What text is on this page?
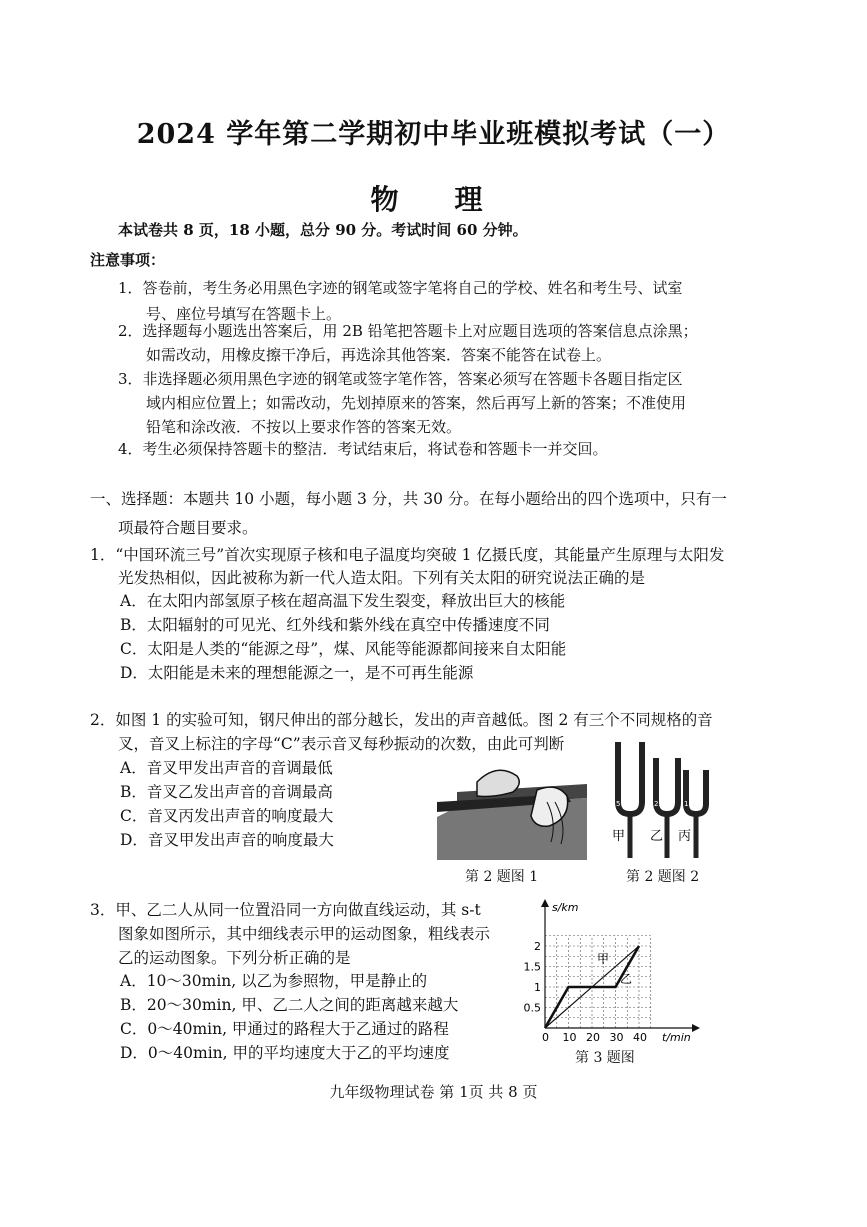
2024 学年第二学期初中毕业班模拟考试（一）
物　理
本试卷共 8 页，18 小题，总分 90 分。考试时间 60 分钟。
注意事项：
1．答卷前，考生务必用黑色字迹的钢笔或签字笔将自己的学校、姓名和考生号、试室
号、座位号填写在答题卡上。
2．选择题每小题选出答案后，用 2B 铅笔把答题卡上对应题目选项的答案信息点涂黑；
如需改动，用橡皮擦干净后，再选涂其他答案．答案不能答在试卷上。
3．非选择题必须用黑色字迹的钢笔或签字笔作答，答案必须写在答题卡各题目指定区
域内相应位置上；如需改动，先划掉原来的答案，然后再写上新的答案；不准使用
铅笔和涂改液．不按以上要求作答的答案无效。
4．考生必须保持答题卡的整洁．考试结束后，将试卷和答题卡一并交回。
一、选择题：本题共 10 小题，每小题 3 分，共 30 分。在每小题给出的四个选项中，只有一
项最符合题目要求。
1．“中国环流三号”首次实现原子核和电子温度均突破 1 亿摄氏度，其能量产生原理与太阳发
光发热相似，因此被称为新一代人造太阳。下列有关太阳的研究说法正确的是
A．在太阳内部氢原子核在超高温下发生裂变，释放出巨大的核能
B．太阳辐射的可见光、红外线和紫外线在真空中传播速度不同
C．太阳是人类的“能源之母”，煤、风能等能源都间接来自太阳能
D．太阳能是未来的理想能源之一，是不可再生能源
2．如图 1 的实验可知，钢尺伸出的部分越长，发出的声音越低。图 2 有三个不同规格的音
叉，音叉上标注的字母“C”表示音叉每秒振动的次数，由此可判断
A．音叉甲发出声音的音调最低
B．音叉乙发出声音的音调最高
C．音叉丙发出声音的响度最大
D．音叉甲发出声音的响度最大
第 2 题图 1
512	256 128
甲 乙 丙
第 2 题图 2
3．甲、乙二人从同一位置沿同一方向做直线运动，其 s-t
图象如图所示，其中细线表示甲的运动图象，粗线表示
乙的运动图象。下列分析正确的是
A．10～30min, 以乙为参照物，甲是静止的
B．20～30min, 甲、乙二人之间的距离越来越大
C．0～40min, 甲通过的路程大于乙通过的路程
D．0～40min, 甲的平均速度大于乙的平均速度
s/km
t/min
0 10 20 30 40
0.5
1
1.5
2
甲
乙
第 3 题图
九年级物理试卷 第 1页 共 8 页
